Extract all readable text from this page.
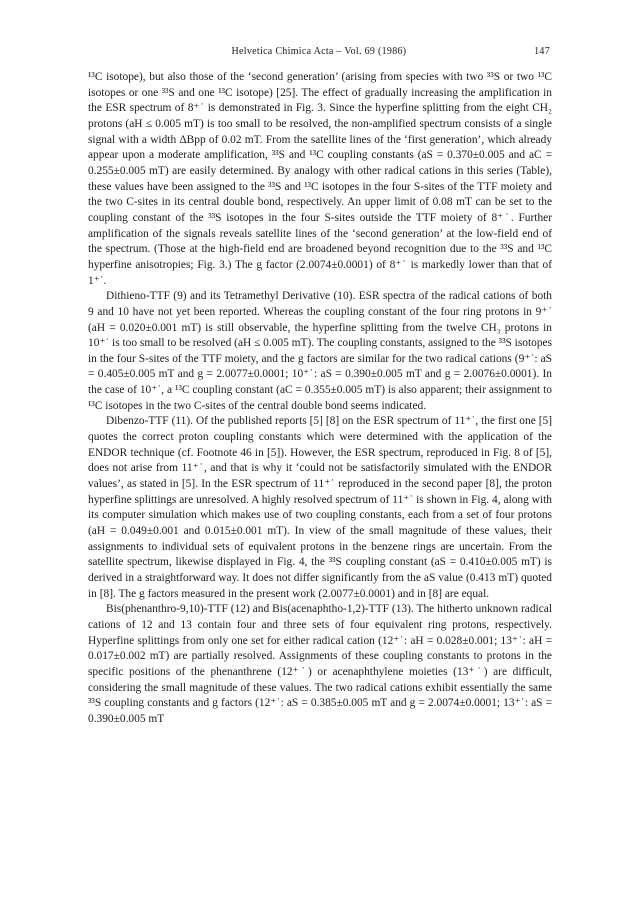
Helvetica Chimica Acta – Vol. 69 (1986)	147

¹³C isotope), but also those of the ‘second generation’ (arising from species with two ³³S or two ¹³C isotopes or one ³³S and one ¹³C isotope) [25]. The effect of gradually increasing the amplification in the ESR spectrum of 8⁺˙ is demonstrated in Fig. 3. Since the hyperfine splitting from the eight CH₂ protons (aH ≤ 0.005 mT) is too small to be resolved, the non-amplified spectrum consists of a single signal with a width ΔBpp of 0.02 mT. From the satellite lines of the ‘first generation’, which already appear upon a moderate amplification, ³³S and ¹³C coupling constants (aS = 0.370±0.005 and aC = 0.255±0.005 mT) are easily determined. By analogy with other radical cations in this series (Table), these values have been assigned to the ³³S and ¹³C isotopes in the four S-sites of the TTF moiety and the two C-sites in its central double bond, respectively. An upper limit of 0.08 mT can be set to the coupling constant of the ³³S isotopes in the four S-sites outside the TTF moiety of 8⁺˙. Further amplification of the signals reveals satellite lines of the ‘second generation’ at the low-field end of the spectrum. (Those at the high-field end are broadened beyond recognition due to the ³³S and ¹³C hyperfine anisotropies; Fig. 3.) The g factor (2.0074±0.0001) of 8⁺˙ is markedly lower than that of 1⁺˙.

Dithieno-TTF (9) and its Tetramethyl Derivative (10). ESR spectra of the radical cations of both 9 and 10 have not yet been reported. Whereas the coupling constant of the four ring protons in 9⁺˙ (aH = 0.020±0.001 mT) is still observable, the hyperfine splitting from the twelve CH₃ protons in 10⁺˙ is too small to be resolved (aH ≤ 0.005 mT). The coupling constants, assigned to the ³³S isotopes in the four S-sites of the TTF moiety, and the g factors are similar for the two radical cations (9⁺˙: aS = 0.405±0.005 mT and g = 2.0077±0.0001; 10⁺˙: aS = 0.390±0.005 mT and g = 2.0076±0.0001). In the case of 10⁺˙, a ¹³C coupling constant (aC = 0.355±0.005 mT) is also apparent; their assignment to ¹³C isotopes in the two C-sites of the central double bond seems indicated.

Dibenzo-TTF (11). Of the published reports [5] [8] on the ESR spectrum of 11⁺˙, the first one [5] quotes the correct proton coupling constants which were determined with the application of the ENDOR technique (cf. Footnote 46 in [5]). However, the ESR spectrum, reproduced in Fig. 8 of [5], does not arise from 11⁺˙, and that is why it ‘could not be satisfactorily simulated with the ENDOR values’, as stated in [5]. In the ESR spectrum of 11⁺˙ reproduced in the second paper [8], the proton hyperfine splittings are unresolved. A highly resolved spectrum of 11⁺˙ is shown in Fig. 4, along with its computer simulation which makes use of two coupling constants, each from a set of four protons (aH = 0.049±0.001 and 0.015±0.001 mT). In view of the small magnitude of these values, their assignments to individual sets of equivalent protons in the benzene rings are uncertain. From the satellite spectrum, likewise displayed in Fig. 4, the ³³S coupling constant (aS = 0.410±0.005 mT) is derived in a straightforward way. It does not differ significantly from the aS value (0.413 mT) quoted in [8]. The g factors measured in the present work (2.0077±0.0001) and in [8] are equal.

Bis(phenanthro-9,10)-TTF (12) and Bis(acenaphtho-1,2)-TTF (13). The hitherto unknown radical cations of 12 and 13 contain four and three sets of four equivalent ring protons, respectively. Hyperfine splittings from only one set for either radical cation (12⁺˙: aH = 0.028±0.001; 13⁺˙: aH = 0.017±0.002 mT) are partially resolved. Assignments of these coupling constants to protons in the specific positions of the phenanthrene (12⁺˙) or acenaphthylene moieties (13⁺˙) are difficult, considering the small magnitude of these values. The two radical cations exhibit essentially the same ³³S coupling constants and g factors (12⁺˙: aS = 0.385±0.005 mT and g = 2.0074±0.0001; 13⁺˙: aS = 0.390±0.005 mT
